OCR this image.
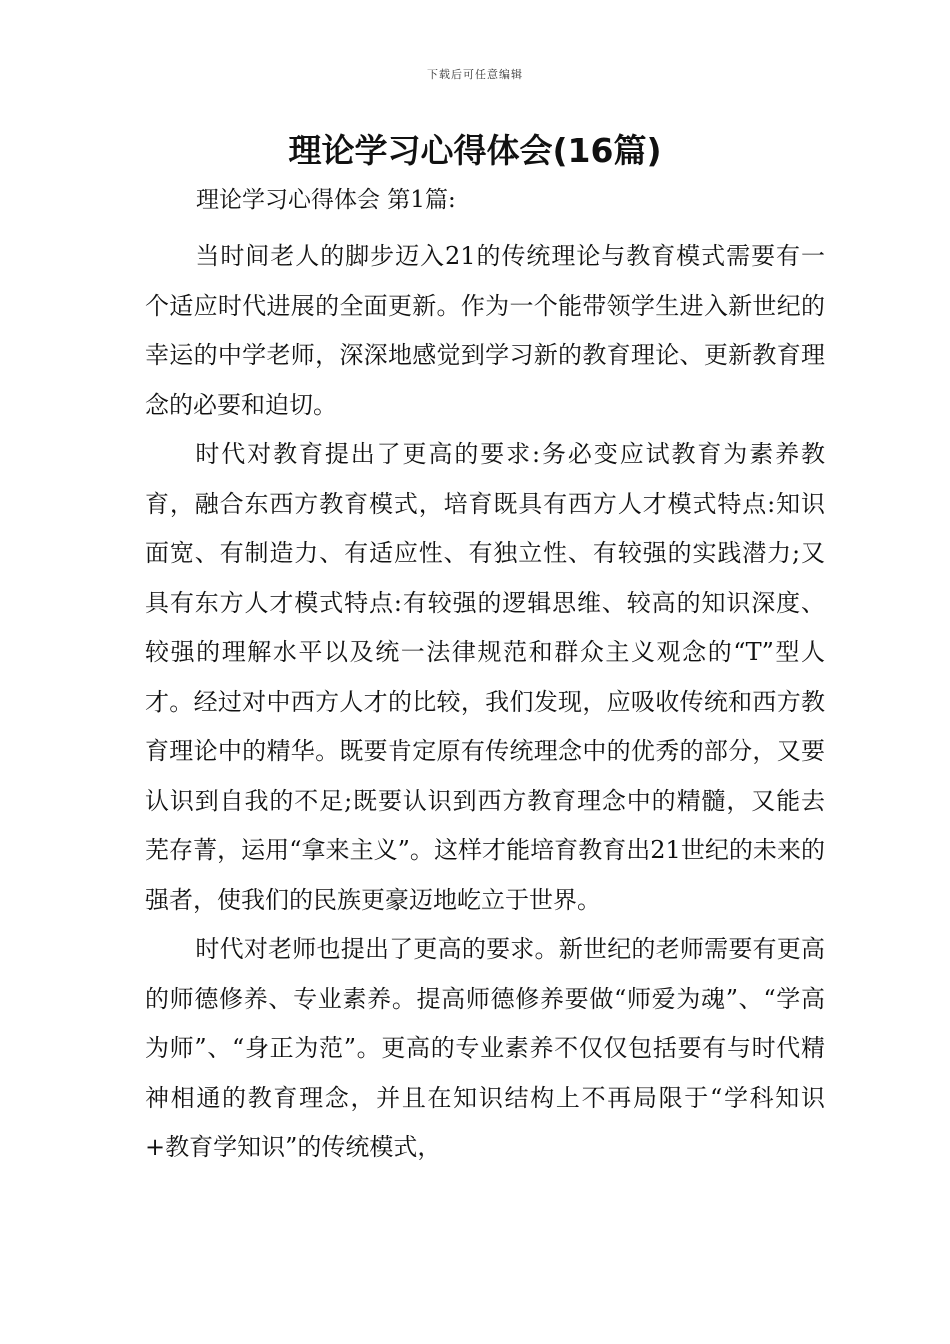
下载后可任意编辑
理论学习心得体会(16篇)
理论学习心得体会 第1篇:

当时间老人的脚步迈入21的传统理论与教育模式需要有一个适应时代进展的全面更新。作为一个能带领学生进入新世纪的幸运的中学老师，深深地感觉到学习新的教育理论、更新教育理念的必要和迫切。

时代对教育提出了更高的要求:务必变应试教育为素养教育，融合东西方教育模式，培育既具有西方人才模式特点:知识面宽、有制造力、有适应性、有独立性、有较强的实践潜力;又具有东方人才模式特点:有较强的逻辑思维、较高的知识深度、较强的理解水平以及统一法律规范和群众主义观念的“T”型人才。经过对中西方人才的比较，我们发现，应吸收传统和西方教育理论中的精华。既要肯定原有传统理念中的优秀的部分，又要认识到自我的不足;既要认识到西方教育理念中的精髓，又能去芜存菁，运用“拿来主义”。这样才能培育教育出21世纪的未来的强者，使我们的民族更豪迈地屹立于世界。

时代对老师也提出了更高的要求。新世纪的老师需要有更高的师德修养、专业素养。提高师德修养要做“师爱为魂”、“学高为师”、“身正为范”。更高的专业素养不仅仅包括要有与时代精神相通的教育理念，并且在知识结构上不再局限于“学科知识+教育学知识”的传统模式，
